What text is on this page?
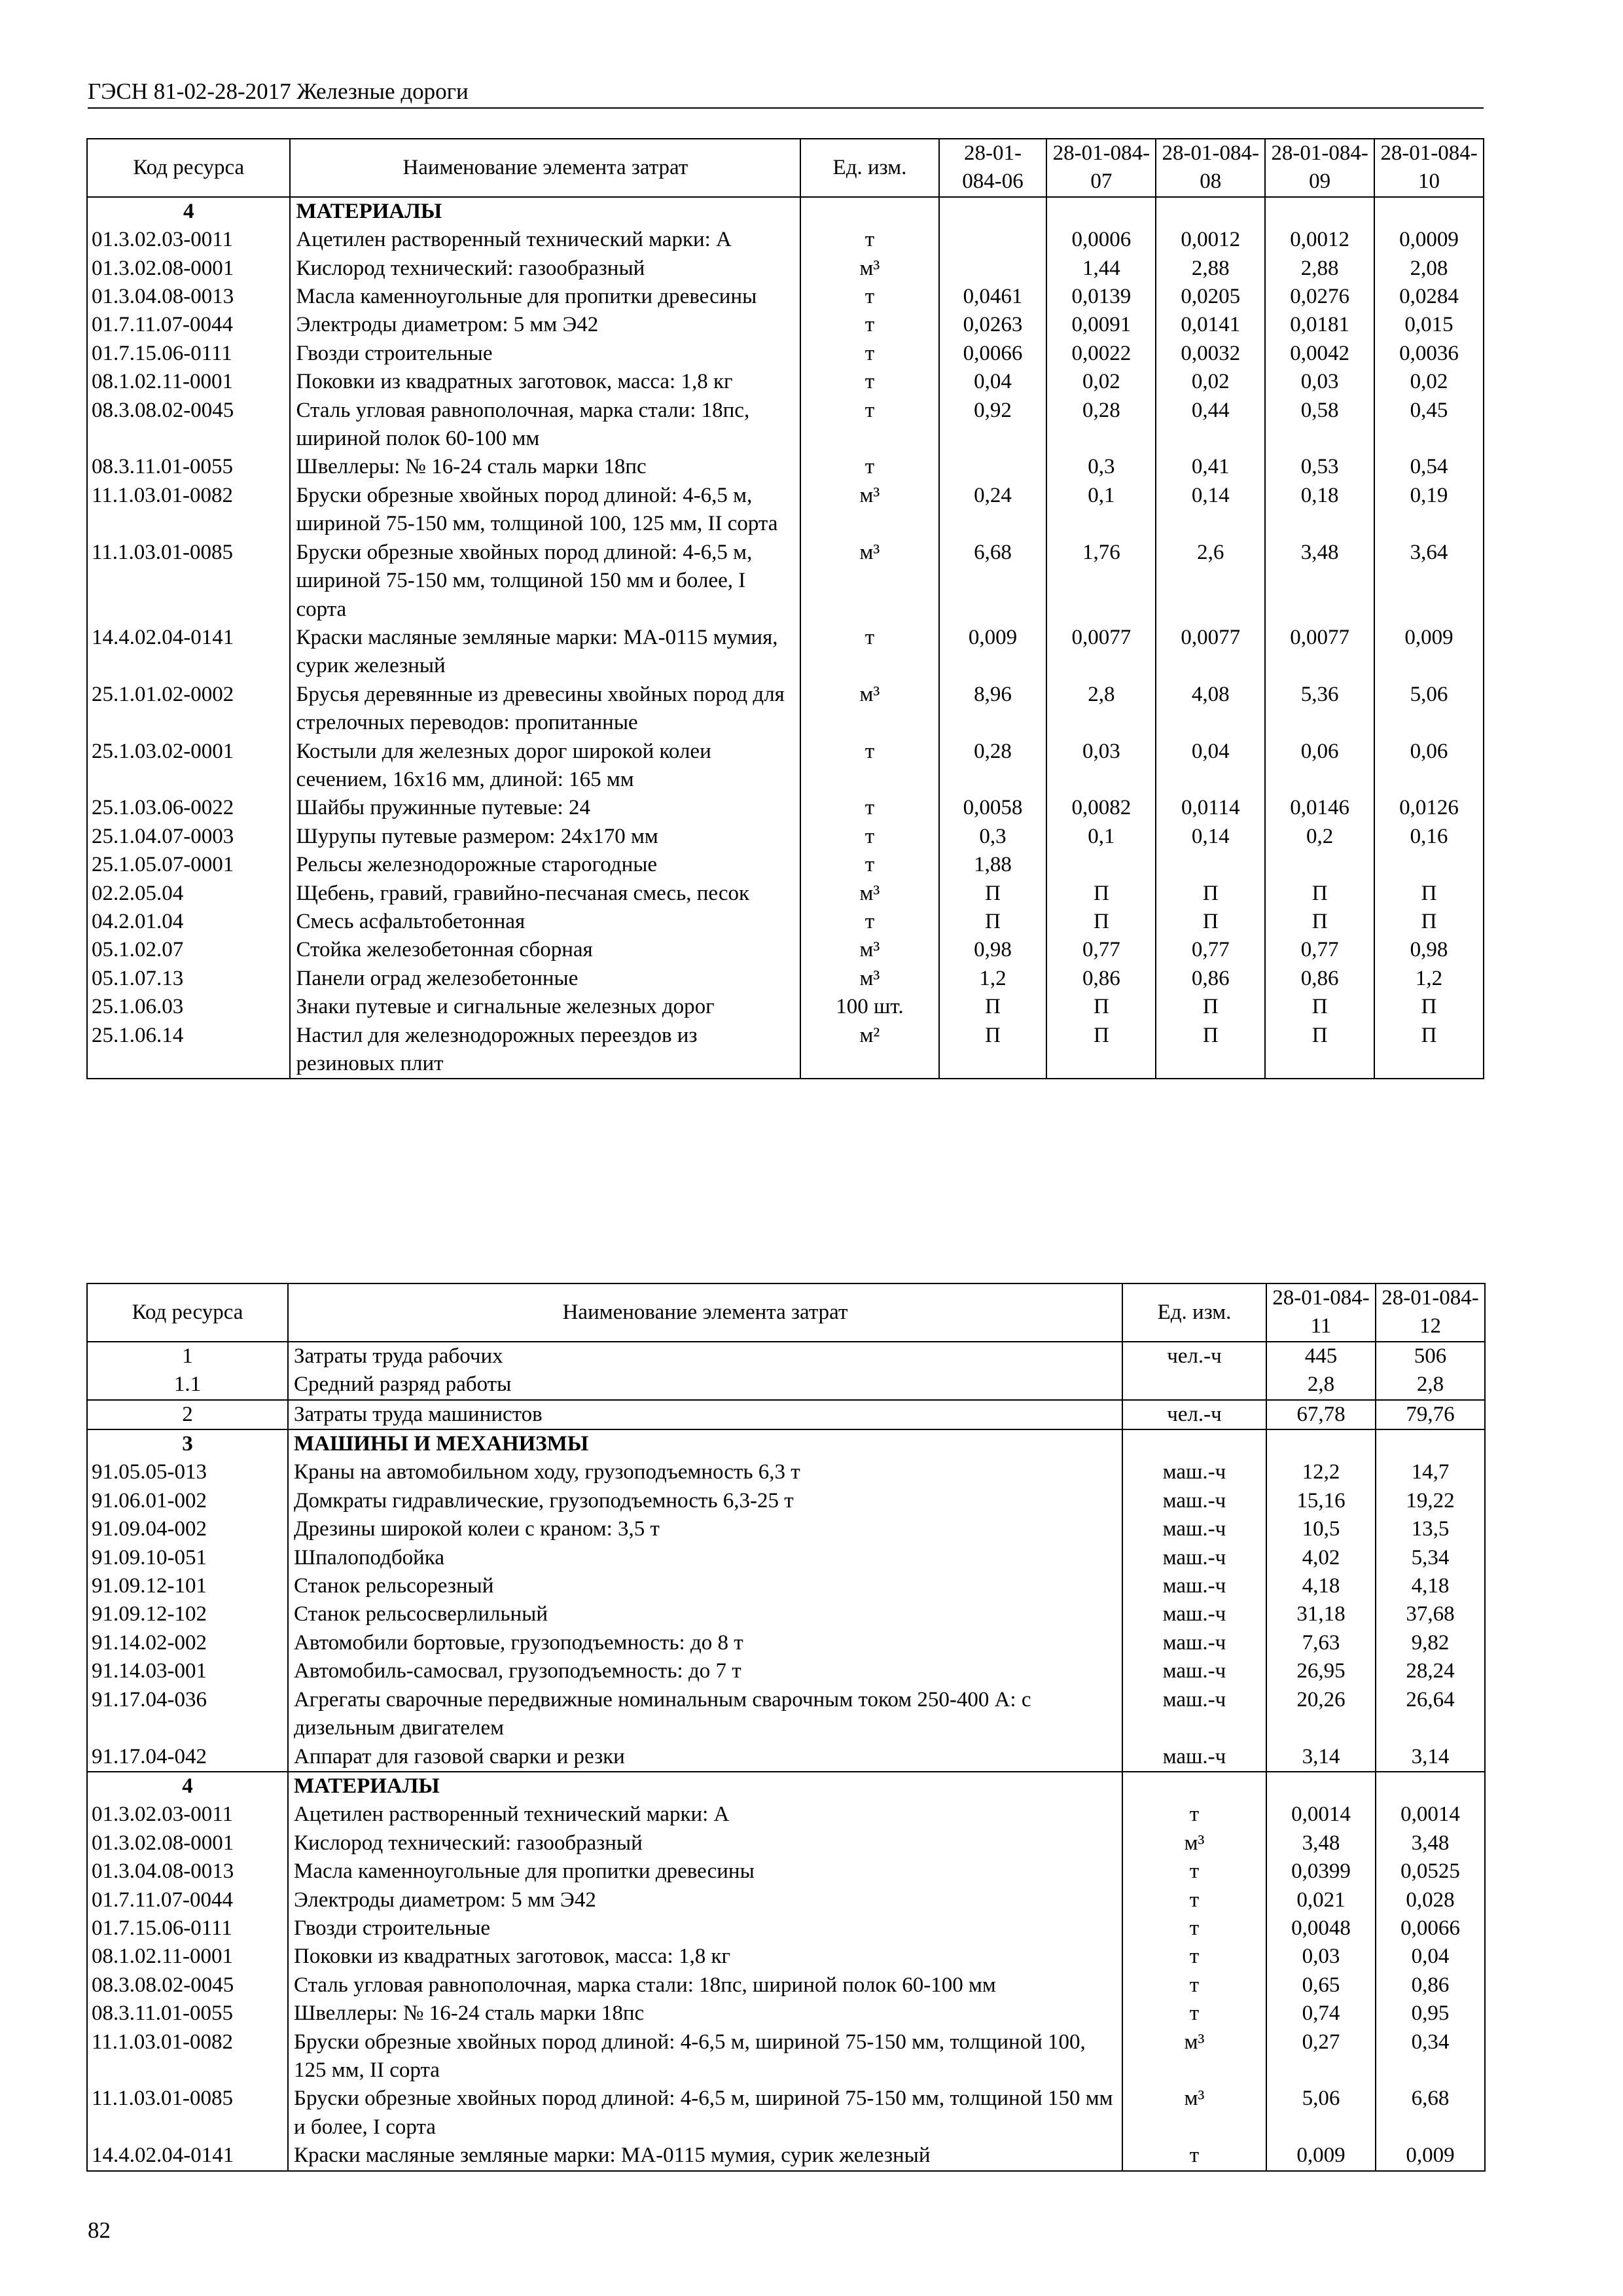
ГЭСН 81-02-28-2017 Железные дороги
Код ресурса	Наименование элемента затрат	Ед. изм.	28-01-084-06	28-01-084-07	28-01-084-08	28-01-084-09	28-01-084-10
4	МАТЕРИАЛЫ						
01.3.02.03-0011	Ацетилен растворенный технический марки: А	т		0,0006	0,0012	0,0012	0,0009
01.3.02.08-0001	Кислород технический: газообразный	м³		1,44	2,88	2,88	2,08
01.3.04.08-0013	Масла каменноугольные для пропитки древесины	т	0,0461	0,0139	0,0205	0,0276	0,0284
01.7.11.07-0044	Электроды диаметром: 5 мм Э42	т	0,0263	0,0091	0,0141	0,0181	0,015
01.7.15.06-0111	Гвозди строительные	т	0,0066	0,0022	0,0032	0,0042	0,0036
08.1.02.11-0001	Поковки из квадратных заготовок, масса: 1,8 кг	т	0,04	0,02	0,02	0,03	0,02
08.3.08.02-0045	Сталь угловая равнополочная, марка стали: 18пс, шириной полок 60-100 мм	т	0,92	0,28	0,44	0,58	0,45
08.3.11.01-0055	Швеллеры: № 16-24 сталь марки 18пс	т		0,3	0,41	0,53	0,54
11.1.03.01-0082	Бруски обрезные хвойных пород длиной: 4-6,5 м, шириной 75-150 мм, толщиной 100, 125 мм, II сорта	м³	0,24	0,1	0,14	0,18	0,19
11.1.03.01-0085	Бруски обрезные хвойных пород длиной: 4-6,5 м, шириной 75-150 мм, толщиной 150 мм и более, I сорта	м³	6,68	1,76	2,6	3,48	3,64
14.4.02.04-0141	Краски масляные земляные марки: МА-0115 мумия, сурик железный	т	0,009	0,0077	0,0077	0,0077	0,009
25.1.01.02-0002	Брусья деревянные из древесины хвойных пород для стрелочных переводов: пропитанные	м³	8,96	2,8	4,08	5,36	5,06
25.1.03.02-0001	Костыли для железных дорог широкой колеи сечением, 16х16 мм, длиной: 165 мм	т	0,28	0,03	0,04	0,06	0,06
25.1.03.06-0022	Шайбы пружинные путевые: 24	т	0,0058	0,0082	0,0114	0,0146	0,0126
25.1.04.07-0003	Шурупы путевые размером: 24х170 мм	т	0,3	0,1	0,14	0,2	0,16
25.1.05.07-0001	Рельсы железнодорожные старогодные	т	1,88				
02.2.05.04	Щебень, гравий, гравийно-песчаная смесь, песок	м³	П	П	П	П	П
04.2.01.04	Смесь асфальтобетонная	т	П	П	П	П	П
05.1.02.07	Стойка железобетонная сборная	м³	0,98	0,77	0,77	0,77	0,98
05.1.07.13	Панели оград железобетонные	м³	1,2	0,86	0,86	0,86	1,2
25.1.06.03	Знаки путевые и сигнальные железных дорог	100 шт.	П	П	П	П	П
25.1.06.14	Настил для железнодорожных переездов из резиновых плит	м²	П	П	П	П	П
Код ресурса	Наименование элемента затрат	Ед. изм.	28-01-084-11	28-01-084-12
1	Затраты труда рабочих	чел.-ч	445	506
1.1	Средний разряд работы		2,8	2,8
2	Затраты труда машинистов	чел.-ч	67,78	79,76
3	МАШИНЫ И МЕХАНИЗМЫ			
91.05.05-013	Краны на автомобильном ходу, грузоподъемность 6,3 т	маш.-ч	12,2	14,7
91.06.01-002	Домкраты гидравлические, грузоподъемность 6,3-25 т	маш.-ч	15,16	19,22
91.09.04-002	Дрезины широкой колеи с краном: 3,5 т	маш.-ч	10,5	13,5
91.09.10-051	Шпалоподбойка	маш.-ч	4,02	5,34
91.09.12-101	Станок рельсорезный	маш.-ч	4,18	4,18
91.09.12-102	Станок рельсосверлильный	маш.-ч	31,18	37,68
91.14.02-002	Автомобили бортовые, грузоподъемность: до 8 т	маш.-ч	7,63	9,82
91.14.03-001	Автомобиль-самосвал, грузоподъемность: до 7 т	маш.-ч	26,95	28,24
91.17.04-036	Агрегаты сварочные передвижные номинальным сварочным током 250-400 А: с дизельным двигателем	маш.-ч	20,26	26,64
91.17.04-042	Аппарат для газовой сварки и резки	маш.-ч	3,14	3,14
4	МАТЕРИАЛЫ			
01.3.02.03-0011	Ацетилен растворенный технический марки: А	т	0,0014	0,0014
01.3.02.08-0001	Кислород технический: газообразный	м³	3,48	3,48
01.3.04.08-0013	Масла каменноугольные для пропитки древесины	т	0,0399	0,0525
01.7.11.07-0044	Электроды диаметром: 5 мм Э42	т	0,021	0,028
01.7.15.06-0111	Гвозди строительные	т	0,0048	0,0066
08.1.02.11-0001	Поковки из квадратных заготовок, масса: 1,8 кг	т	0,03	0,04
08.3.08.02-0045	Сталь угловая равнополочная, марка стали: 18пс, шириной полок 60-100 мм	т	0,65	0,86
08.3.11.01-0055	Швеллеры: № 16-24 сталь марки 18пс	т	0,74	0,95
11.1.03.01-0082	Бруски обрезные хвойных пород длиной: 4-6,5 м, шириной 75-150 мм, толщиной 100, 125 мм, II сорта	м³	0,27	0,34
11.1.03.01-0085	Бруски обрезные хвойных пород длиной: 4-6,5 м, шириной 75-150 мм, толщиной 150 мм и более, I сорта	м³	5,06	6,68
14.4.02.04-0141	Краски масляные земляные марки: МА-0115 мумия, сурик железный	т	0,009	0,009
82
